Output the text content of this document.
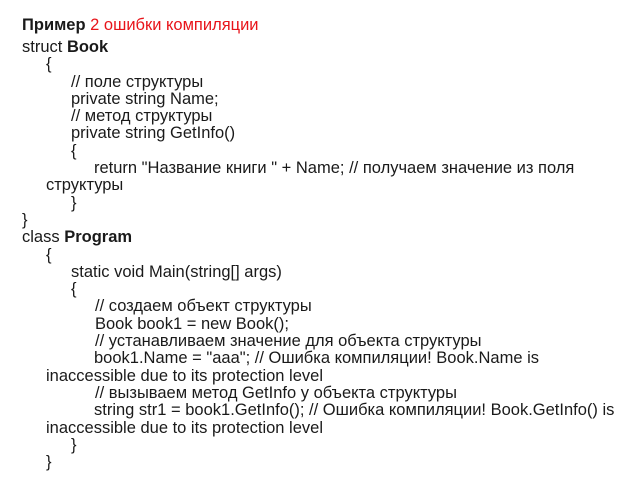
Пример 2 ошибки компиляции
struct Book
{
// поле структуры
private string Name;
// метод структуры
private string GetInfo()
{
return "Название книги " + Name; // получаем значение из поля структуры
}
}
class Program
{
static void Main(string[] args)
{
// создаем объект структуры
Book book1 = new Book();
// устанавливаем значение для объекта структуры
book1.Name = "aaa"; // Ошибка компиляции! Book.Name is inaccessible due to its protection level
// вызываем метод GetInfo у объекта структуры
string str1 = book1.GetInfo(); // Ошибка компиляции! Book.GetInfo() is inaccessible due to its protection level
}
}
